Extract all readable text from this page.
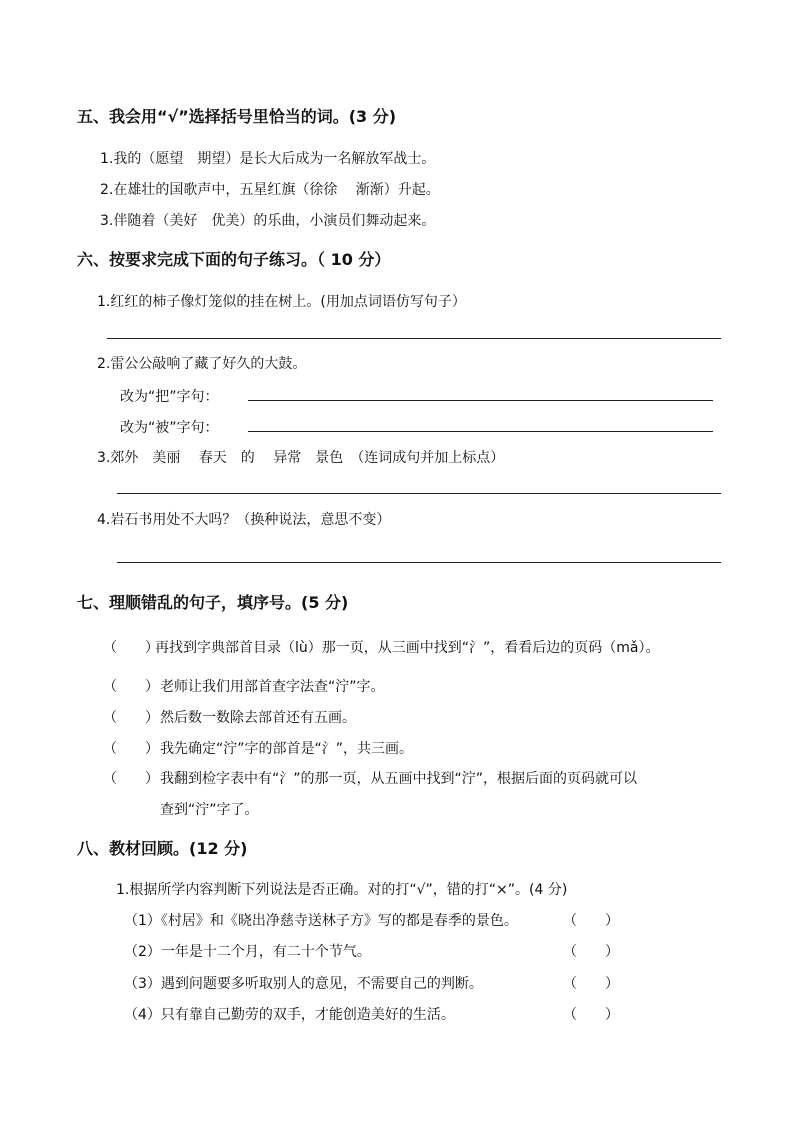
五、我会用“√”选择括号里恰当的词。(3 分)
1.我的（愿望　期望）是长大后成为一名解放军战士。
2.在雄壮的国歌声中，五星红旗（徐徐　 渐渐）升起。
3.伴随着（美好　优美）的乐曲，小演员们舞动起来。
六、按要求完成下面的句子练习。（ 10 分）
1.红红的柿子像灯笼似的挂在树上。(用加点词语仿写句子）
2.雷公公敲响了藏了好久的大鼓。
改为“把”字句：
改为“被”字句：
3.郊外　美丽　 春天　的　 异常　景色　（连词成句并加上标点）
4.岩石书用处不大吗？（换种说法，意思不变）
七、理顺错乱的句子，填序号。(5 分)
（　　）
再找到字典部首目录（lù）那一页，从三画中找到“氵”，看看后边的页码（mǎ）。
（　　） 老师让我们用部首查字法查“泞”字。
（　　） 然后数一数除去部首还有五画。
（　　） 我先确定“泞”字的部首是“氵”，共三画。
（　　） 我翻到检字表中有“氵”的那一页，从五画中找到“泞”，根据后面的页码就可以
查到“泞”字了。
八、教材回顾。(12 分)
1.根据所学内容判断下列说法是否正确。对的打“√”，错的打“×”。(4 分)
（1）《村居》和《晓出净慈寺送林子方》写的都是春季的景色。	（　　）
（2）一年是十二个月，有二十个节气。	（　　）
（3）遇到问题要多听取别人的意见，不需要自己的判断。	（　　）
（4）只有靠自己勤劳的双手，才能创造美好的生活。	（　　）
